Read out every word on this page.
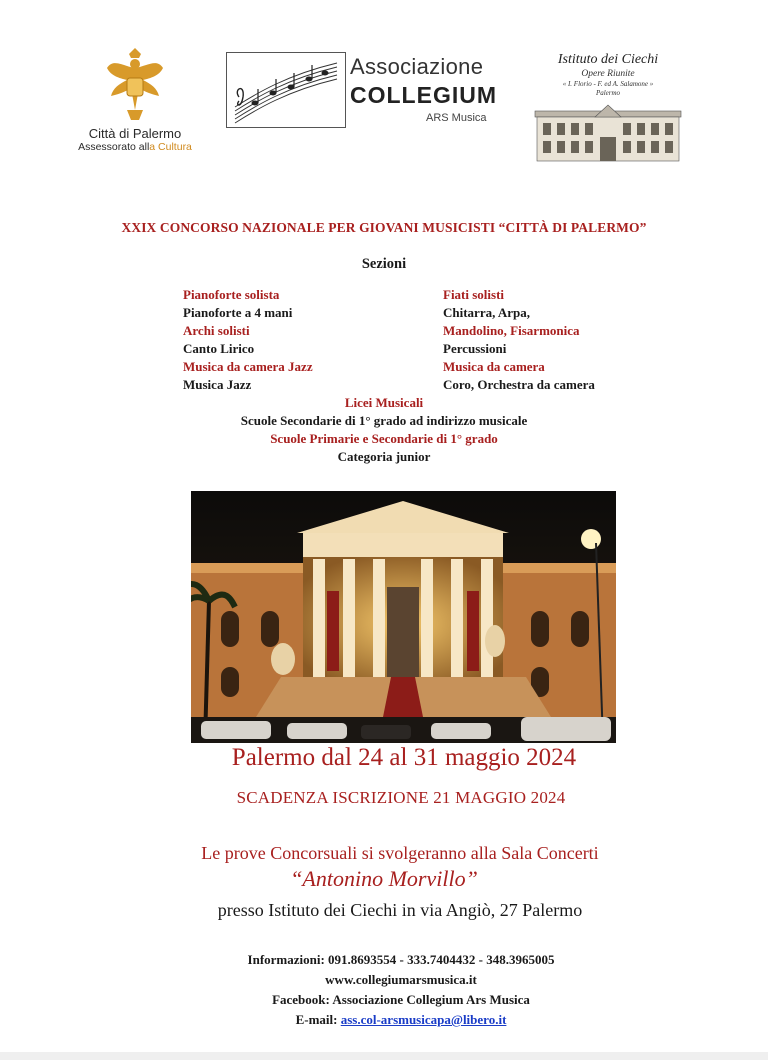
Città di Palermo
Assessorato alla Cultura
Associazione
COLLEGIUM
ARS Musica
Istituto dei Ciechi
Opere Riunite
« I. Florio - F. ed A. Salamone »
Palermo
XXIX CONCORSO NAZIONALE PER GIOVANI MUSICISTI “CITTÀ DI PALERMO”
Sezioni
Pianoforte solista
Pianoforte a 4 mani
Archi solisti
Canto Lirico
Musica da camera Jazz
Musica Jazz
Fiati solisti
Chitarra, Arpa,
Mandolino, Fisarmonica
Percussioni
Musica da camera
Coro, Orchestra da camera
Licei Musicali
Scuole Secondarie di 1° grado ad indirizzo musicale
Scuole Primarie e Secondarie di 1° grado
Categoria junior
Palermo dal 24 al 31 maggio 2024
SCADENZA ISCRIZIONE 21 MAGGIO 2024
Le prove Concorsuali si svolgeranno alla Sala Concerti
“Antonino Morvillo”
presso Istituto dei Ciechi in via Angiò, 27 Palermo
Informazioni: 091.8693554 - 333.7404432 - 348.3965005
www.collegiumarsmusica.it
Facebook: Associazione Collegium Ars Musica
E-mail: ass.col-arsmusicapa@libero.it
